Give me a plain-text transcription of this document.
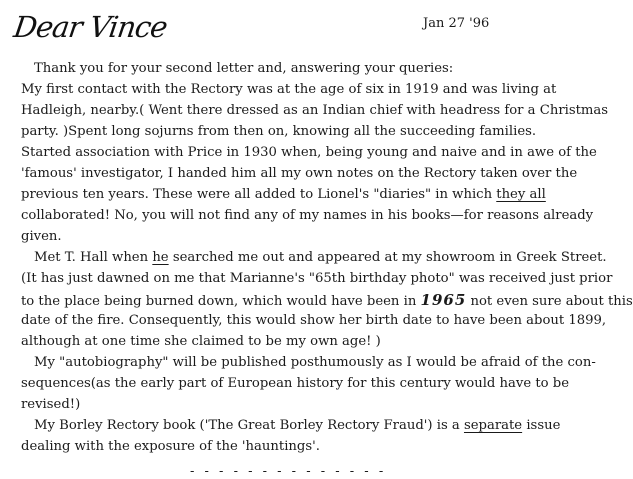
Dear Vince	Jan 27 '96
Thank you for your second letter and, answering your queries:
My first contact with the Rectory was at the age of six in 1919 and was living at
Hadleigh, nearby.( Went there dressed as an Indian chief with headress for a Christmas
party. )Spent long sojurns from then on, knowing all the succeeding families.
Started association with Price in 1930 when, being young and naive and in awe of the
'famous' investigator, I handed him all my own notes on the Rectory taken over the
previous ten years. These were all added to Lionel's "diaries" in which they all
collaborated! No, you will not find any of my names in his books—for reasons already
given.
Met T. Hall when he searched me out and appeared at my showroom in Greek Street.
(It has just dawned on me that Marianne's "65th birthday photo" was received just prior
to the place being burned down, which would have been in 1965 not even sure about this
date of the fire. Consequently, this would show her birth date to have been about 1899,
although at one time she claimed to be my own age! )
My "autobiography" will be published posthumously as I would be afraid of the con-
sequences(as the early part of European history for this century would have to be
revised!)
My Borley Rectory book ('The Great Borley Rectory Fraud') is a separate issue
dealing with the exposure of the 'hauntings'.
- - - - - - - - - - - - - -
